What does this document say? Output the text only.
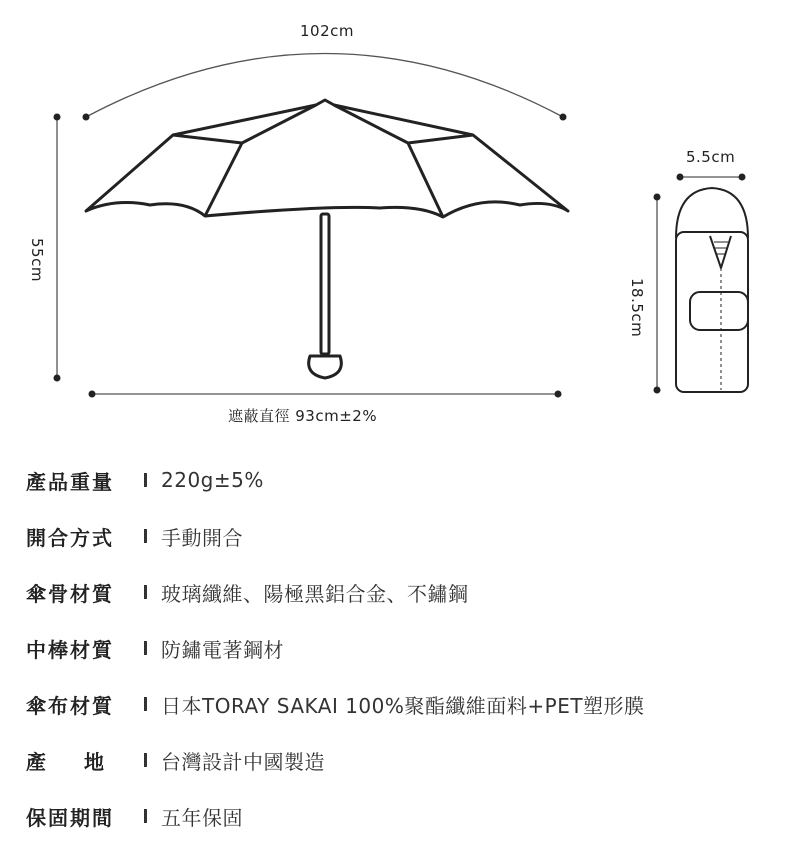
102cm
55cm
遮蔽直徑 93cm±2%
5.5cm
18.5cm
產品重量	220g±5%
開合方式	手動開合
傘骨材質	玻璃纖維、陽極黑鋁合金、不鏽鋼
中棒材質	防鏽電著鋼材
傘布材質	日本TORAY SAKAI 100%聚酯纖維面料+PET塑形膜
產地 台灣設計中國製造
保固期間	五年保固
